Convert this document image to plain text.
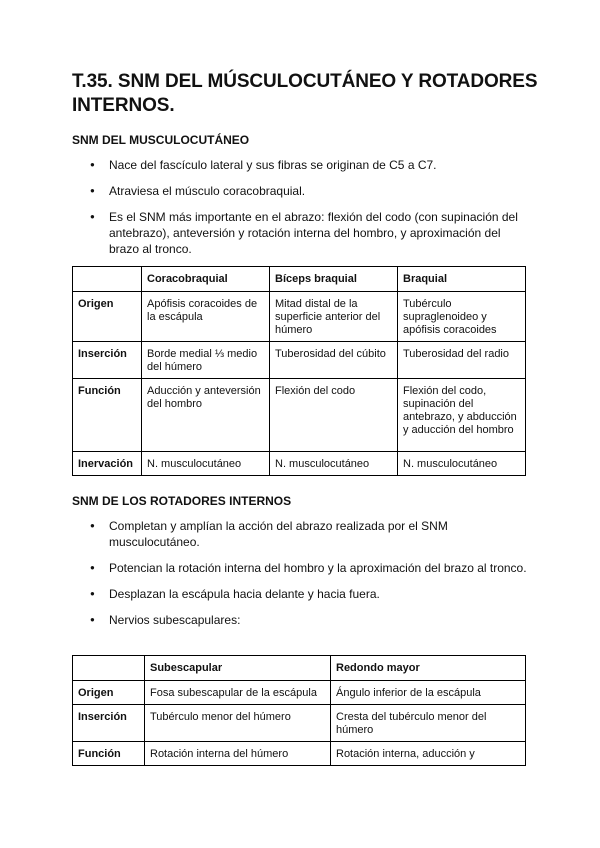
T.35. SNM DEL MÚSCULOCUTÁNEO Y ROTADORES INTERNOS.
SNM DEL MUSCULOCUTÁNEO
● Nace del fascículo lateral y sus fibras se originan de C5 a C7.
● Atraviesa el músculo coracobraquial.
● Es el SNM más importante en el abrazo: flexión del codo (con supinación del antebrazo), anteversión y rotación interna del hombro, y aproximación del brazo al tronco.
	Coracobraquial	Bíceps braquial	Braquial
Origen	Apófisis coracoides de la escápula	Mitad distal de la superficie anterior del húmero	Tubérculo supraglenoideo y apófisis coracoides
Inserción	Borde medial ⅓ medio del húmero	Tuberosidad del cúbito	Tuberosidad del radio
Función	Aducción y anteversión del hombro	Flexión del codo	Flexión del codo, supinación del antebrazo, y abducción y aducción del hombro
Inervación	N. musculocutáneo	N. musculocutáneo	N. musculocutáneo
SNM DE LOS ROTADORES INTERNOS
● Completan y amplían la acción del abrazo realizada por el SNM musculocutáneo.
● Potencian la rotación interna del hombro y la aproximación del brazo al tronco.
● Desplazan la escápula hacia delante y hacia fuera.
● Nervios subescapulares:
	Subescapular	Redondo mayor
Origen	Fosa subescapular de la escápula	Ángulo inferior de la escápula
Inserción	Tubérculo menor del húmero	Cresta del tubérculo menor del húmero
Función	Rotación interna del húmero	Rotación interna, aducción y
